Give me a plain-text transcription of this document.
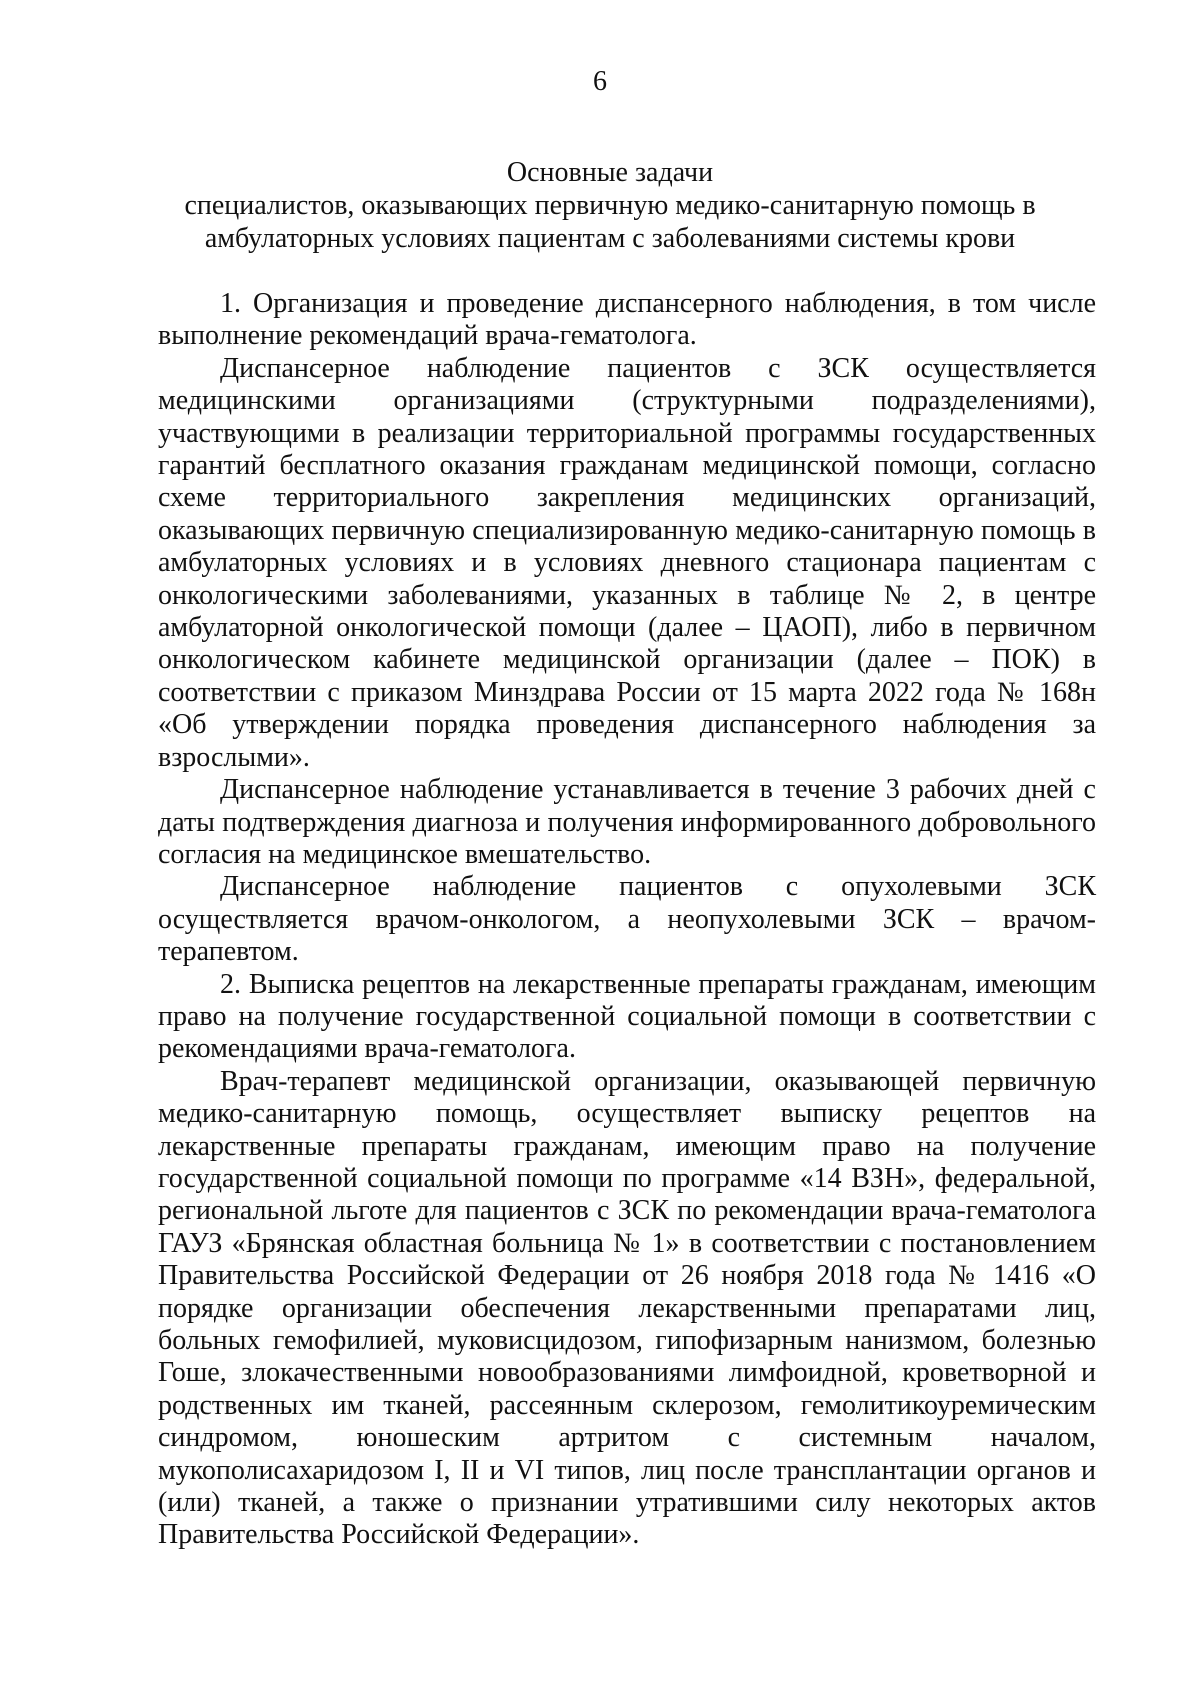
6
Основные задачи
специалистов, оказывающих первичную медико-санитарную помощь в
амбулаторных условиях пациентам с заболеваниями системы крови

1. Организация и проведение диспансерного наблюдения, в том числе выполнение рекомендаций врача-гематолога.

Диспансерное наблюдение пациентов с ЗСК осуществляется медицинскими организациями (структурными подразделениями), участвующими в реализации территориальной программы государственных гарантий бесплатного оказания гражданам медицинской помощи, согласно схеме территориального закрепления медицинских организаций, оказывающих первичную специализированную медико-санитарную помощь в амбулаторных условиях и в условиях дневного стационара пациентам с онкологическими заболеваниями, указанных в таблице № 2, в центре амбулаторной онкологической помощи (далее – ЦАОП), либо в первичном онкологическом кабинете медицинской организации (далее – ПОК) в соответствии с приказом Минздрава России от 15 марта 2022 года № 168н «Об утверждении порядка проведения диспансерного наблюдения за взрослыми».

Диспансерное наблюдение устанавливается в течение 3 рабочих дней с даты подтверждения диагноза и получения информированного добровольного согласия на медицинское вмешательство.

Диспансерное наблюдение пациентов с опухолевыми ЗСК осуществляется врачом-онкологом, а неопухолевыми ЗСК – врачом-терапевтом.

2. Выписка рецептов на лекарственные препараты гражданам, имеющим право на получение государственной социальной помощи в соответствии с рекомендациями врача-гематолога.

Врач-терапевт медицинской организации, оказывающей первичную медико-санитарную помощь, осуществляет выписку рецептов на лекарственные препараты гражданам, имеющим право на получение государственной социальной помощи по программе «14 ВЗН», федеральной, региональной льготе для пациентов с ЗСК по рекомендации врача-гематолога ГАУЗ «Брянская областная больница № 1» в соответствии с постановлением Правительства Российской Федерации от 26 ноября 2018 года № 1416 «О порядке организации обеспечения лекарственными препаратами лиц, больных гемофилией, муковисцидозом, гипофизарным нанизмом, болезнью Гоше, злокачественными новообразованиями лимфоидной, кроветворной и родственных им тканей, рассеянным склерозом, гемолитикоуремическим синдромом, юношеским артритом с системным началом, мукополисахаридозом I, II и VI типов, лиц после трансплантации органов и (или) тканей, а также о признании утратившими силу некоторых актов Правительства Российской Федерации».
